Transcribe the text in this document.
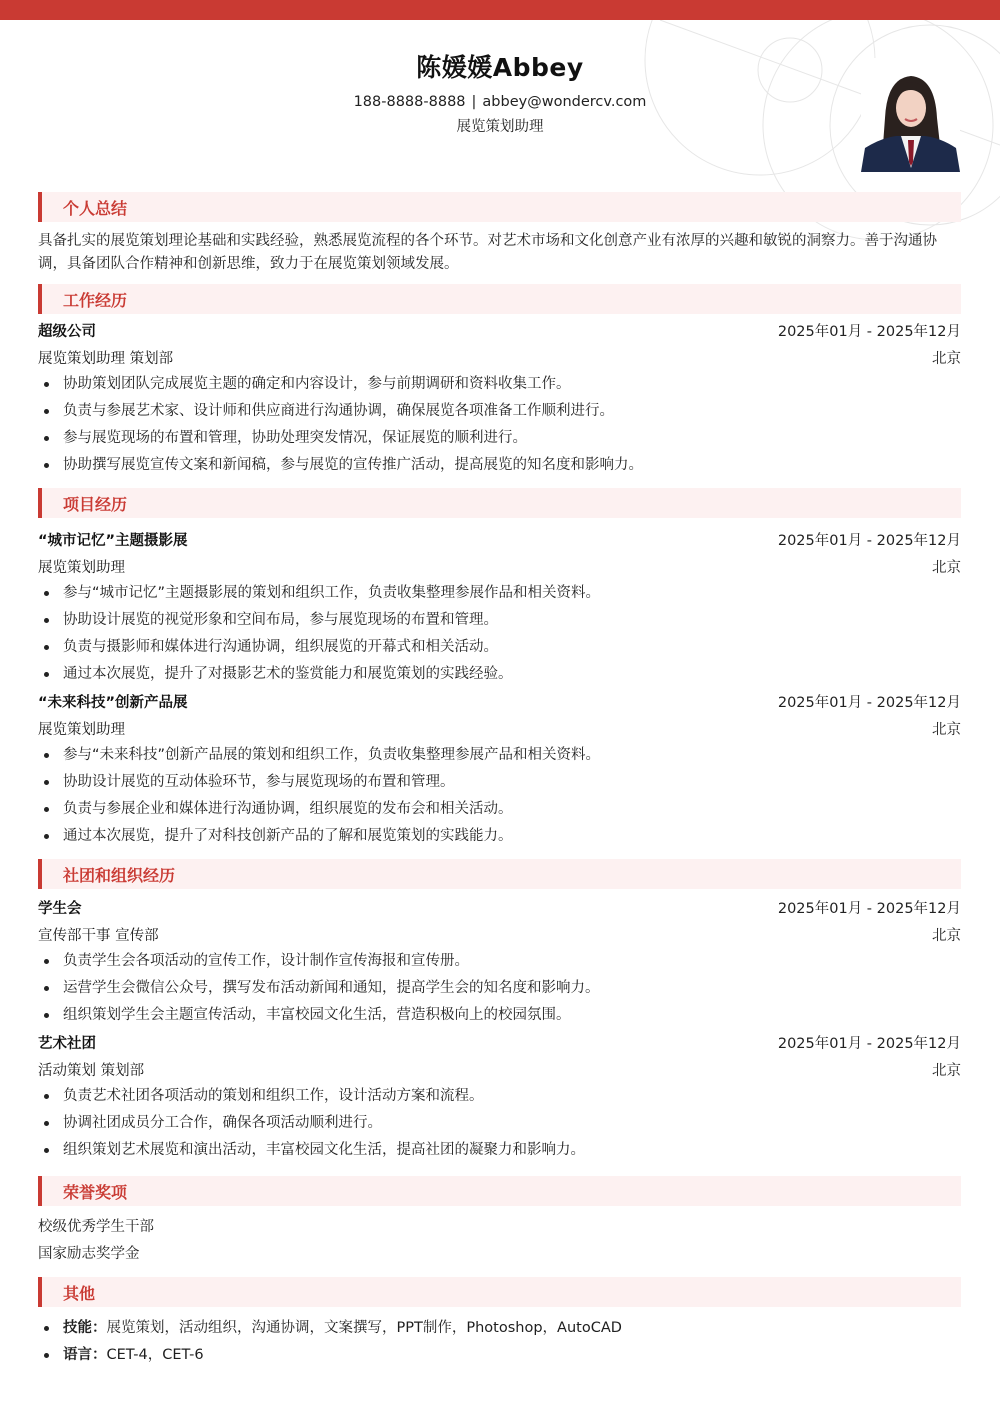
陈媛媛Abbey
188-8888-8888 | abbey@wondercv.com
展览策划助理
个人总结
具备扎实的展览策划理论基础和实践经验，熟悉展览流程的各个环节。对艺术市场和文化创意产业有浓厚的兴趣和敏锐的洞察力。善于沟通协调，具备团队合作精神和创新思维，致力于在展览策划领域发展。
工作经历
超级公司	2025年01月 - 2025年12月
展览策划助理 策划部	北京
协助策划团队完成展览主题的确定和内容设计，参与前期调研和资料收集工作。
负责与参展艺术家、设计师和供应商进行沟通协调，确保展览各项准备工作顺利进行。
参与展览现场的布置和管理，协助处理突发情况，保证展览的顺利进行。
协助撰写展览宣传文案和新闻稿，参与展览的宣传推广活动，提高展览的知名度和影响力。
项目经历
“城市记忆”主题摄影展	2025年01月 - 2025年12月
展览策划助理	北京
参与“城市记忆”主题摄影展的策划和组织工作，负责收集整理参展作品和相关资料。
协助设计展览的视觉形象和空间布局，参与展览现场的布置和管理。
负责与摄影师和媒体进行沟通协调，组织展览的开幕式和相关活动。
通过本次展览，提升了对摄影艺术的鉴赏能力和展览策划的实践经验。
“未来科技”创新产品展	2025年01月 - 2025年12月
展览策划助理	北京
参与“未来科技”创新产品展的策划和组织工作，负责收集整理参展产品和相关资料。
协助设计展览的互动体验环节，参与展览现场的布置和管理。
负责与参展企业和媒体进行沟通协调，组织展览的发布会和相关活动。
通过本次展览，提升了对科技创新产品的了解和展览策划的实践能力。
社团和组织经历
学生会	2025年01月 - 2025年12月
宣传部干事 宣传部	北京
负责学生会各项活动的宣传工作，设计制作宣传海报和宣传册。
运营学生会微信公众号，撰写发布活动新闻和通知，提高学生会的知名度和影响力。
组织策划学生会主题宣传活动，丰富校园文化生活，营造积极向上的校园氛围。
艺术社团	2025年01月 - 2025年12月
活动策划 策划部	北京
负责艺术社团各项活动的策划和组织工作，设计活动方案和流程。
协调社团成员分工合作，确保各项活动顺利进行。
组织策划艺术展览和演出活动，丰富校园文化生活，提高社团的凝聚力和影响力。
荣誉奖项
校级优秀学生干部
国家励志奖学金
其他
技能：展览策划，活动组织，沟通协调，文案撰写，PPT制作，Photoshop，AutoCAD
语言：CET-4，CET-6
